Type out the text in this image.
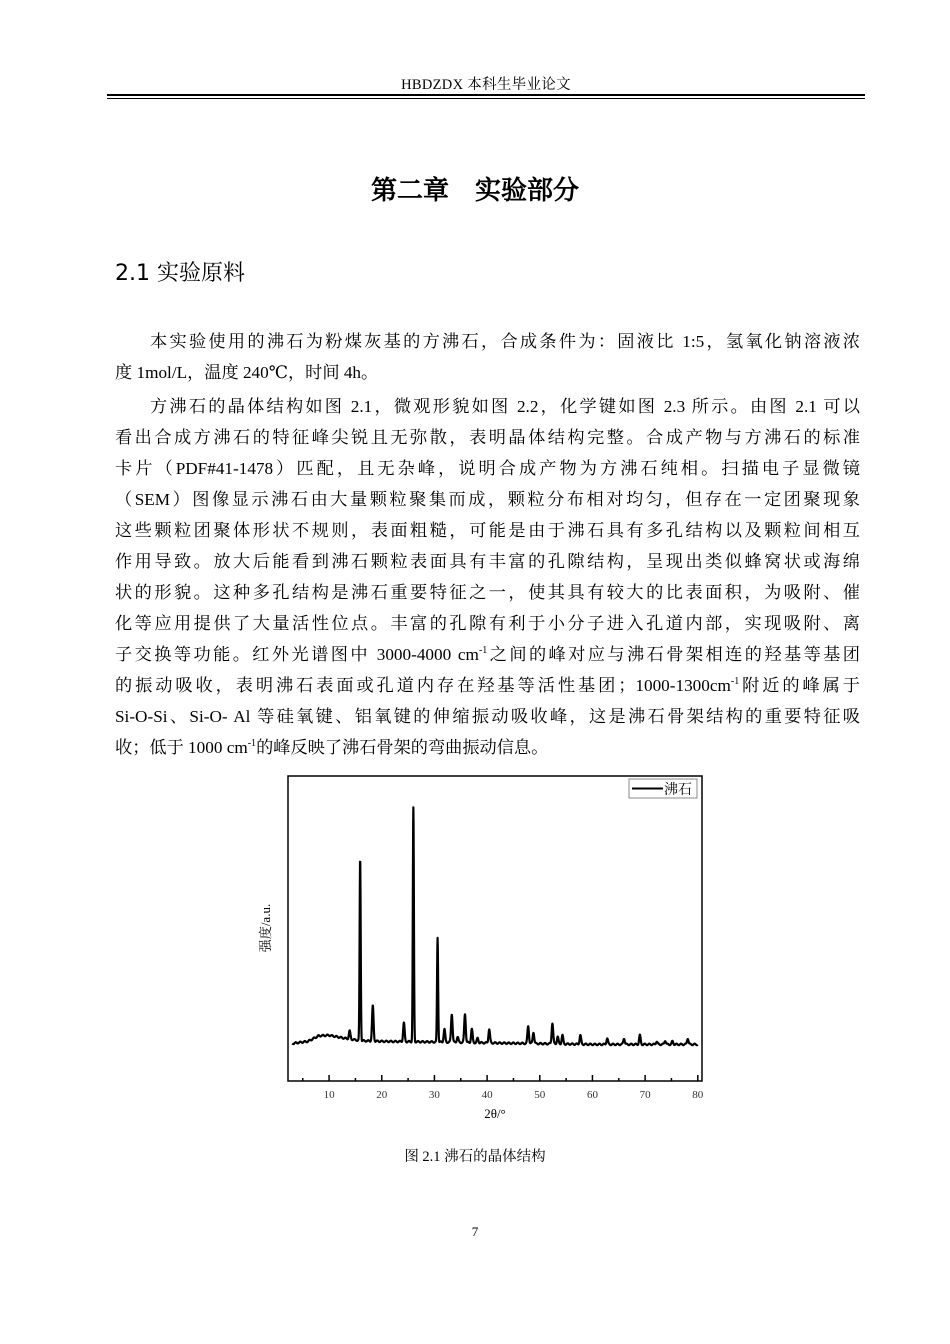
HBDZDX 本科生毕业论文
第二章　实验部分
2.1 实验原料
本实验使用的沸石为粉煤灰基的方沸石，合成条件为：固液比 1:5，氢氧化钠溶液浓
度 1mol/L，温度 240℃，时间 4h。
方沸石的晶体结构如图 2.1，微观形貌如图 2.2，化学键如图 2.3 所示。由图 2.1 可以
看出合成方沸石的特征峰尖锐且无弥散，表明晶体结构完整。合成产物与方沸石的标准
卡片（PDF#41-1478）匹配，且无杂峰，说明合成产物为方沸石纯相。扫描电子显微镜
（SEM）图像显示沸石由大量颗粒聚集而成，颗粒分布相对均匀，但存在一定团聚现象
这些颗粒团聚体形状不规则，表面粗糙，可能是由于沸石具有多孔结构以及颗粒间相互
作用导致。放大后能看到沸石颗粒表面具有丰富的孔隙结构，呈现出类似蜂窝状或海绵
状的形貌。这种多孔结构是沸石重要特征之一，使其具有较大的比表面积，为吸附、催
化等应用提供了大量活性位点。丰富的孔隙有利于小分子进入孔道内部，实现吸附、离
子交换等功能。红外光谱图中 3000-4000 $cm^{-1}$之间的峰对应与沸石骨架相连的羟基等基团
的振动吸收，表明沸石表面或孔道内存在羟基等活性基团；$1000-1300cm^{-1}$附近的峰属于
Si-O-Si、Si-O- Al 等硅氧键、铝氧键的伸缩振动吸收峰，这是沸石骨架结构的重要特征吸
收；低于 1000 $cm^{-1}$的峰反映了沸石骨架的弯曲振动信息。
10	20	30	40	50	60	70	80
沸石
2θ/°
强度/a.u.
图 2.1 沸石的晶体结构
7
